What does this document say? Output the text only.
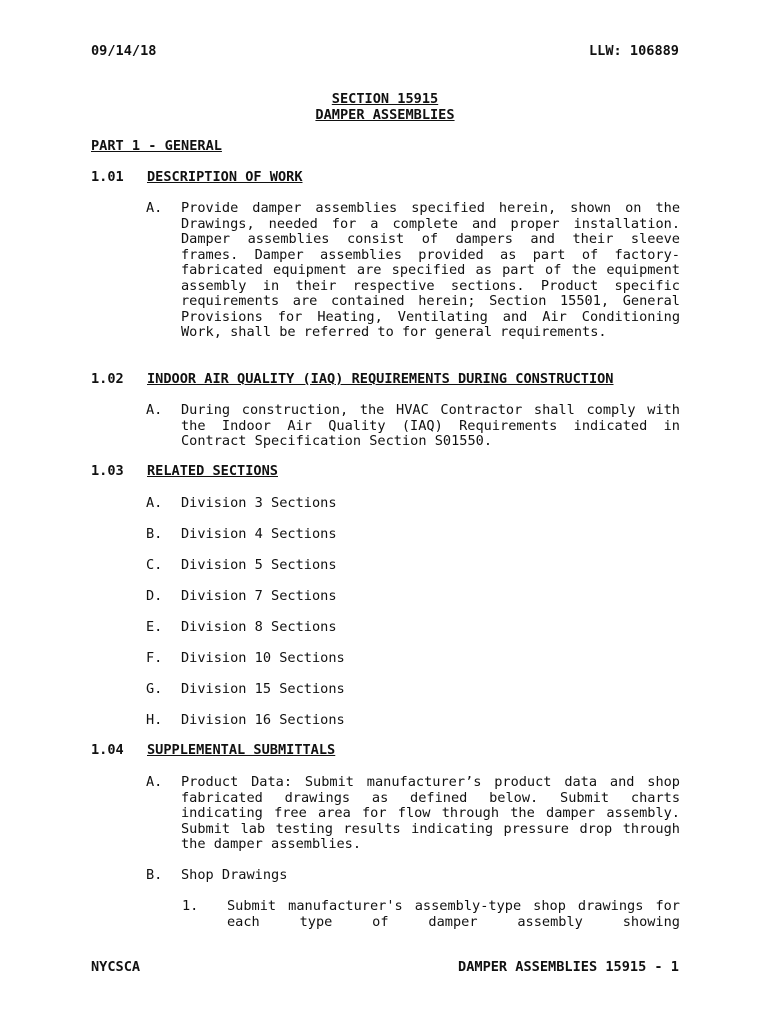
09/14/18	LLW: 106889
SECTION 15915
DAMPER ASSEMBLIES
PART 1 - GENERAL
1.01	DESCRIPTION OF WORK
A.	Provide damper assemblies specified herein, shown on the Drawings, needed for a complete and proper installation. Damper assemblies consist of dampers and their sleeve frames. Damper assemblies provided as part of factory-fabricated equipment are specified as part of the equipment assembly in their respective sections. Product specific requirements are contained herein; Section 15501, General Provisions for Heating, Ventilating and Air Conditioning Work, shall be referred to for general requirements.
1.02	INDOOR AIR QUALITY (IAQ) REQUIREMENTS DURING CONSTRUCTION
A.	During construction, the HVAC Contractor shall comply with the Indoor Air Quality (IAQ) Requirements indicated in Contract Specification Section S01550.
1.03	RELATED SECTIONS
A.	Division 3 Sections
B.	Division 4 Sections
C.	Division 5 Sections
D.	Division 7 Sections
E.	Division 8 Sections
F.	Division 10 Sections
G.	Division 15 Sections
H.	Division 16 Sections
1.04	SUPPLEMENTAL SUBMITTALS
A.	Product Data: Submit manufacturer’s product data and shop fabricated drawings as defined below. Submit charts indicating free area for flow through the damper assembly. Submit lab testing results indicating pressure drop through the damper assemblies.
B.	Shop Drawings
1.	Submit manufacturer's assembly-type shop drawings for each type of damper assembly showing
NYCSCA	DAMPER ASSEMBLIES 15915 - 1
